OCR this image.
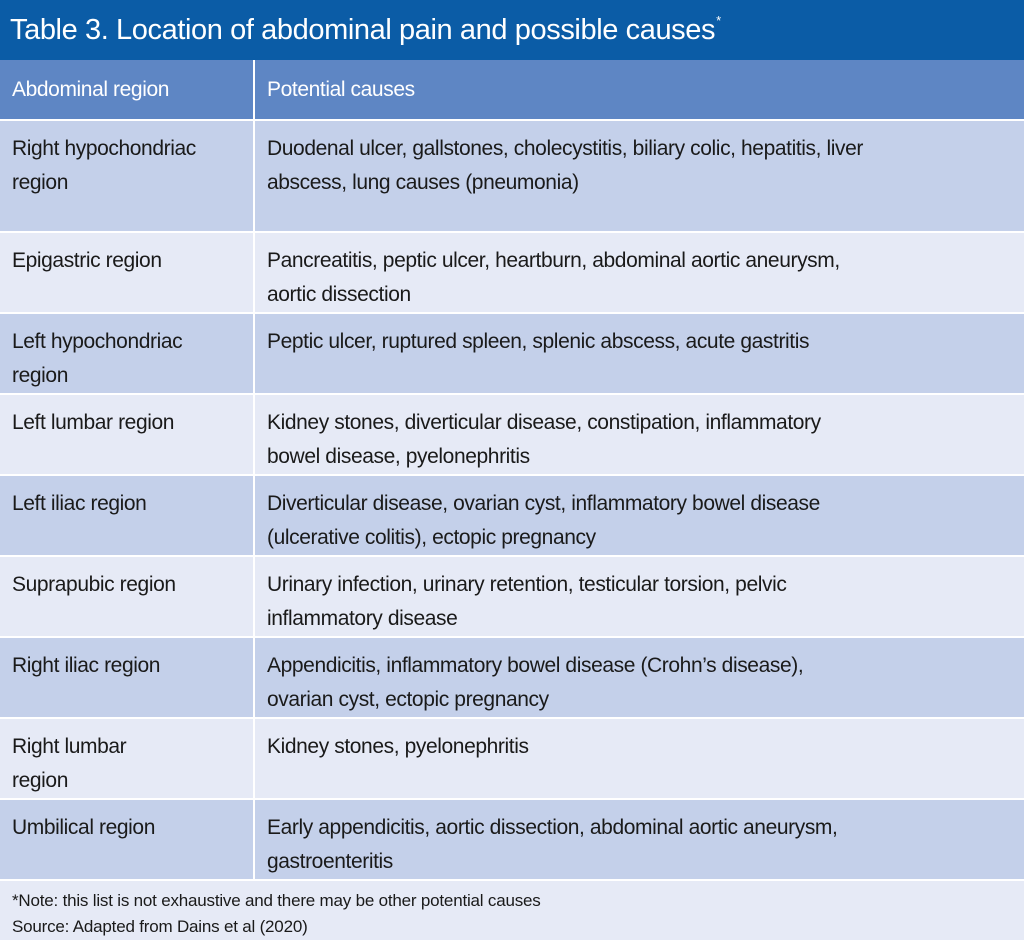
Table 3. Location of abdominal pain and possible causes*
Abdominal region	Potential causes
Right hypochondriac region	Duodenal ulcer, gallstones, cholecystitis, biliary colic, hepatitis, liver abscess, lung causes (pneumonia)
Epigastric region	Pancreatitis, peptic ulcer, heartburn, abdominal aortic aneurysm, aortic dissection
Left hypochondriac region	Peptic ulcer, ruptured spleen, splenic abscess, acute gastritis
Left lumbar region	Kidney stones, diverticular disease, constipation, inflammatory bowel disease, pyelonephritis
Left iliac region	Diverticular disease, ovarian cyst, inflammatory bowel disease (ulcerative colitis), ectopic pregnancy
Suprapubic region	Urinary infection, urinary retention, testicular torsion, pelvic inflammatory disease
Right iliac region	Appendicitis, inflammatory bowel disease (Crohn’s disease), ovarian cyst, ectopic pregnancy
Right lumbar region	Kidney stones, pyelonephritis
Umbilical region	Early appendicitis, aortic dissection, abdominal aortic aneurysm, gastroenteritis
*Note: this list is not exhaustive and there may be other potential causes
Source: Adapted from Dains et al (2020)
